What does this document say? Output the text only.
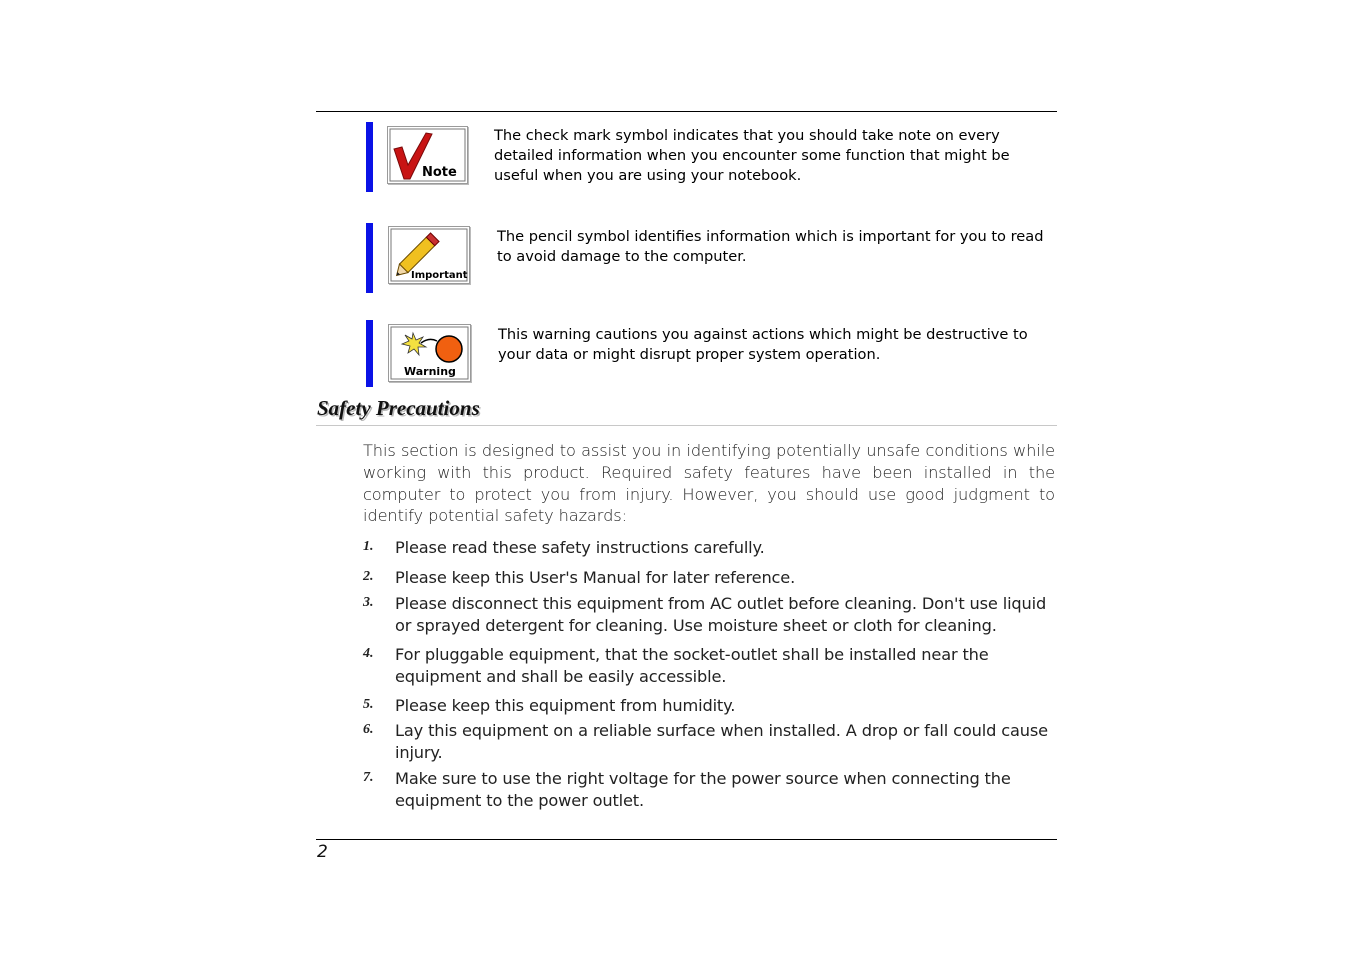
Note
The check mark symbol indicates that you should take note on every detailed information when you encounter some function that might be useful when you are using your notebook.
Important
The pencil symbol identifies information which is important for you to read to avoid damage to the computer.
Warning
This warning cautions you against actions which might be destructive to your data or might disrupt proper system operation.
Safety Precautions

This section is designed to assist you in identifying potentially unsafe conditions while working with this product. Required safety features have been installed in the computer to protect you from injury. However, you should use good judgment to identify potential safety hazards:

1. Please read these safety instructions carefully.
2. Please keep this User's Manual for later reference.
3. Please disconnect this equipment from AC outlet before cleaning. Don't use liquid or sprayed detergent for cleaning. Use moisture sheet or cloth for cleaning.
4. For pluggable equipment, that the socket-outlet shall be installed near the equipment and shall be easily accessible.
5. Please keep this equipment from humidity.
6. Lay this equipment on a reliable surface when installed. A drop or fall could cause injury.
7. Make sure to use the right voltage for the power source when connecting the equipment to the power outlet.
2
